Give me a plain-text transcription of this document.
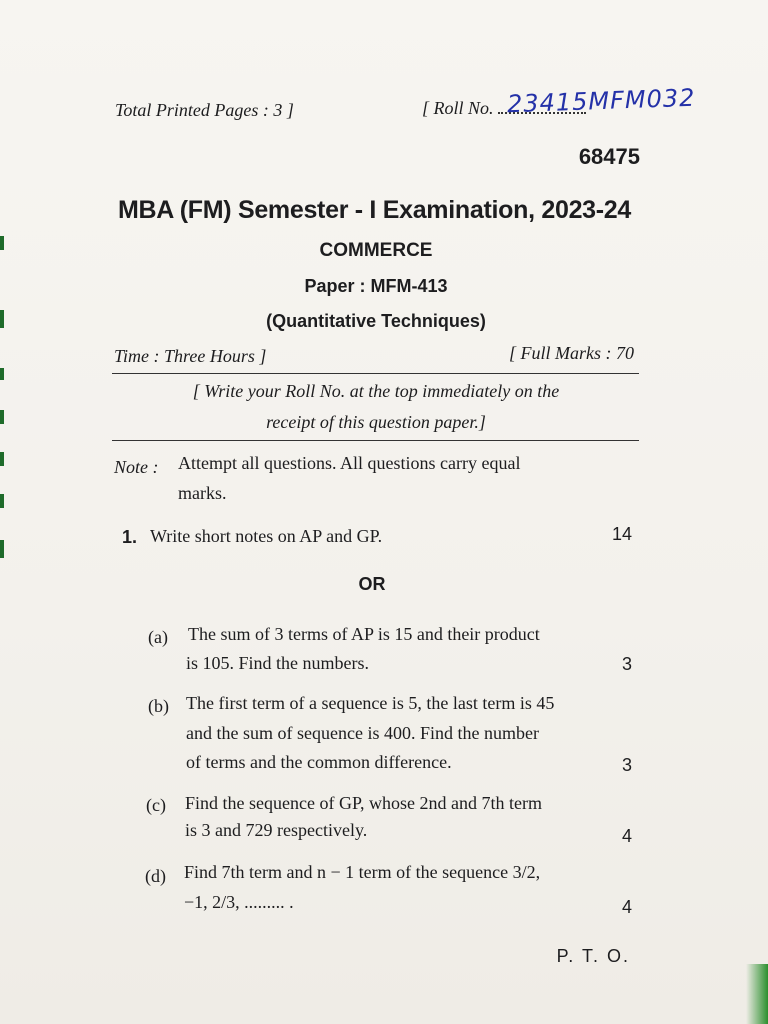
Total Printed Pages : 3 ]	[ Roll No. 23415MFM032
68475
MBA (FM) Semester - I Examination, 2023-24
COMMERCE
Paper : MFM-413
(Quantitative Techniques)
Time : Three Hours ]	[ Full Marks : 70
[ Write your Roll No. at the top immediately on the
receipt of this question paper.]
Note : Attempt all questions. All questions carry equal
marks.
1. Write short notes on AP and GP.	14
OR
(a) The sum of 3 terms of AP is 15 and their product
is 105. Find the numbers.	3
(b) The first term of a sequence is 5, the last term is 45
and the sum of sequence is 400. Find the number
of terms and the common difference.	3
(c) Find the sequence of GP, whose 2nd and 7th term
is 3 and 729 respectively.	4
(d) Find 7th term and n − 1 term of the sequence 3/2,
−1, 2/3, ......... .	4
P. T. O.
